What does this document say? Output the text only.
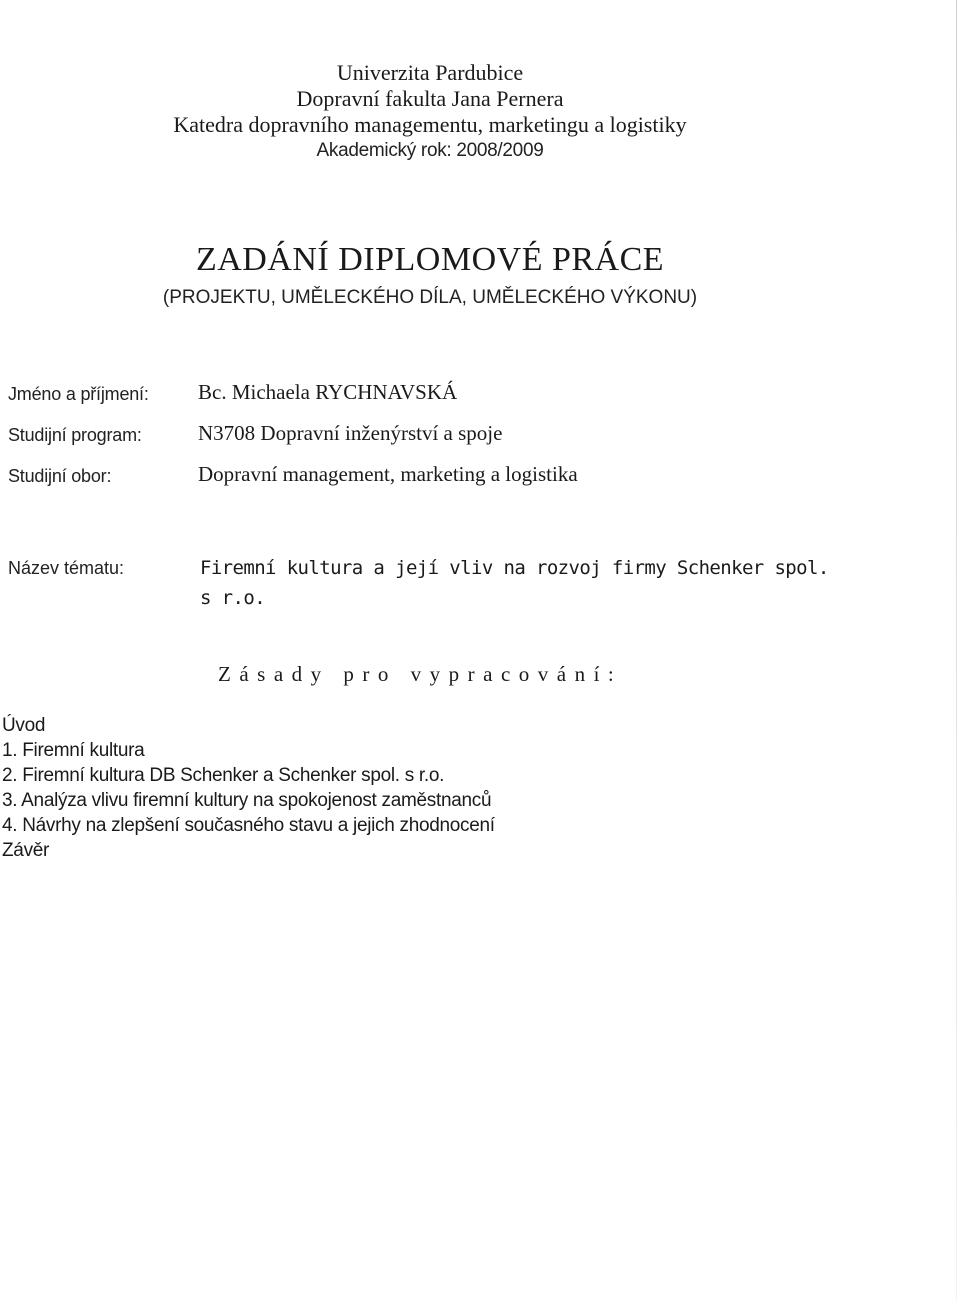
Univerzita Pardubice
Dopravní fakulta Jana Pernera
Katedra dopravního managementu, marketingu a logistiky
Akademický rok: 2008/2009
ZADÁNÍ DIPLOMOVÉ PRÁCE
(PROJEKTU, UMĚLECKÉHO DÍLA, UMĚLECKÉHO VÝKONU)
Jméno a příjmení: Bc. Michaela RYCHNAVSKÁ
Studijní program:	N3708 Dopravní inženýrství a spoje
Studijní obor:	Dopravní management, marketing a logistika
Název tématu:	Firemní kultura a její vliv na rozvoj firmy Schenker spol.
s r.o.
Zásady pro vypracování:
Úvod
1. Firemní kultura
2. Firemní kultura DB Schenker a Schenker spol. s r.o.
3. Analýza vlivu firemní kultury na spokojenost zaměstnanců
4. Návrhy na zlepšení současného stavu a jejich zhodnocení
Závěr
